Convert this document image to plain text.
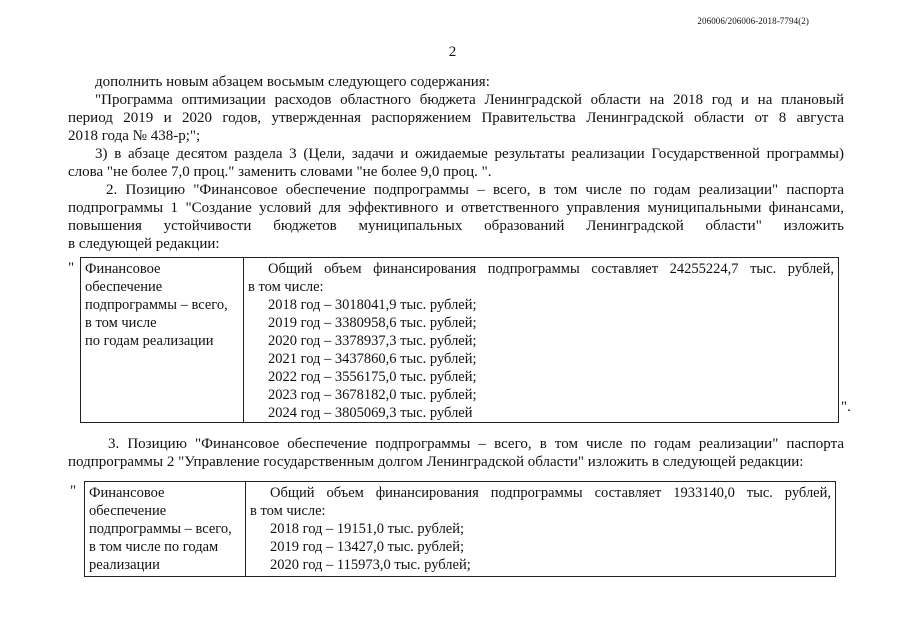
206006/206006-2018-7794(2)
2
дополнить новым абзацем восьмым следующего содержания:
"Программа оптимизации расходов областного бюджета Ленинградской области на 2018 год и на плановый
период 2019 и 2020 годов, утвержденная распоряжением Правительства Ленинградской области от 8 августа
2018 года № 438-р;";
3) в абзаце десятом раздела 3 (Цели, задачи и ожидаемые результаты реализации Государственной программы)
слова "не более 7,0 проц." заменить словами "не более 9,0 проц. ".
2. Позицию "Финансовое обеспечение подпрограммы – всего, в том числе по годам реализации" паспорта
подпрограммы 1 "Создание условий для эффективного и ответственного управления муниципальными финансами,
повышения устойчивости бюджетов муниципальных образований Ленинградской области" изложить
в следующей редакции:
" Финансовое
обеспечение
подпрограммы – всего,
в том числе
по годам реализации

Общий объем финансирования подпрограммы составляет 24255224,7 тыс. рублей,
в том числе:
2018 год – 3018041,9 тыс. рублей;
2019 год – 3380958,6 тыс. рублей;
2020 год – 3378937,3 тыс. рублей;
2021 год – 3437860,6 тыс. рублей;
2022 год – 3556175,0 тыс. рублей;
2023 год – 3678182,0 тыс. рублей;
2024 год – 3805069,3 тыс. рублей	".
3. Позицию "Финансовое обеспечение подпрограммы – всего, в том числе по годам реализации" паспорта
подпрограммы 2 "Управление государственным долгом Ленинградской области" изложить в следующей редакции:
" Финансовое
обеспечение
подпрограммы – всего,
в том числе по годам
реализации

Общий объем финансирования подпрограммы составляет 1933140,0 тыс. рублей,
в том числе:
2018 год – 19151,0 тыс. рублей;
2019 год – 13427,0 тыс. рублей;
2020 год – 115973,0 тыс. рублей;
